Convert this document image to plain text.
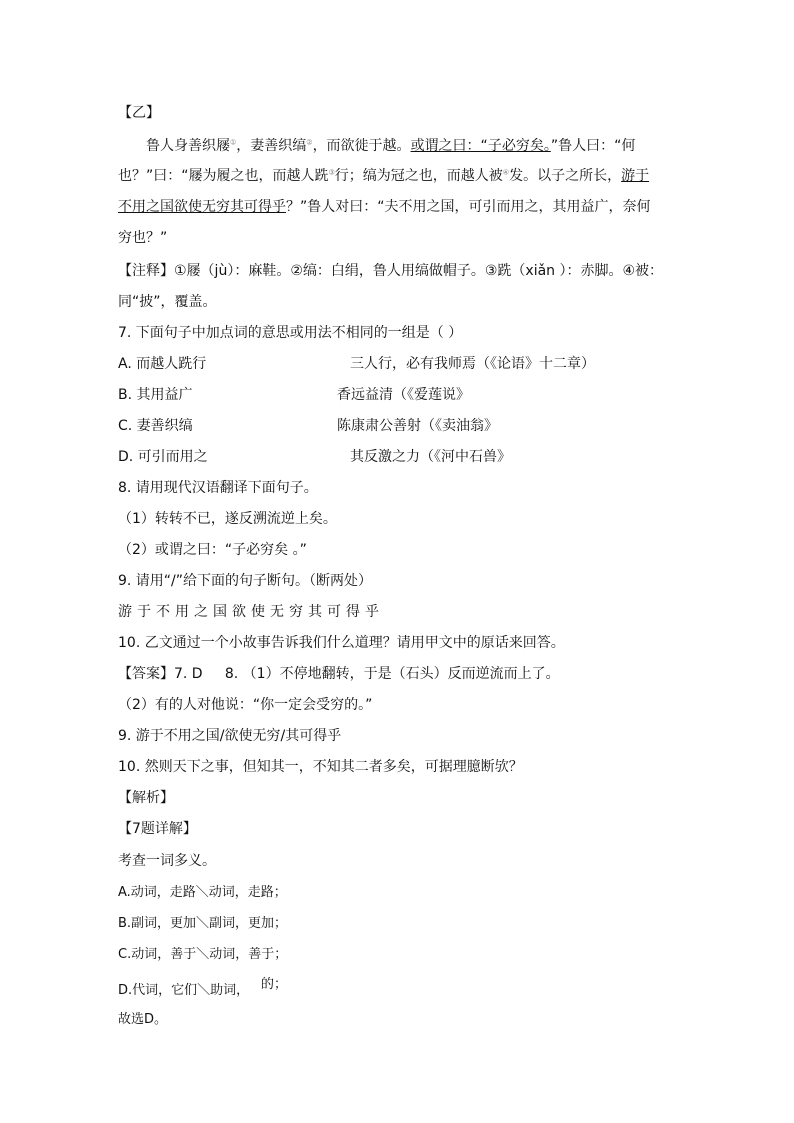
【乙】
鲁人身善织屦①，妻善织缟②，而欲徙于越。或谓之曰：“子必穷矣。”鲁人曰：“何
也？”曰：“屦为履之也，而越人跣③行；缟为冠之也，而越人被④发。以子之所长，游于
不用之国欲使无穷其可得乎？”鲁人对曰：“夫不用之国，可引而用之，其用益广，奈何
穷也？”
【注释】①屦（jù）：麻鞋。②缟：白绢，鲁人用缟做帽子。③跣（xiǎn ）：赤脚。④被：
同“披”，覆盖。
7. 下面句子中加点词的意思或用法不相同的一组是（ ）
A. 而越人跣行	三人行，必有我师焉（《论语》十二章）
B. 其用益广	香远益清（《爱莲说》
C. 妻善织缟	陈康肃公善射（《卖油翁》
D. 可引而用之	其反激之力（《河中石兽》
8. 请用现代汉语翻译下面句子。
（1）转转不已，遂反溯流逆上矣。
（2）或谓之曰：“子必穷矣 。”
9. 请用“/”给下面的句子断句。（断两处）
游于不用之国欲使无穷其可得乎
10. 乙文通过一个小故事告诉我们什么道理？请用甲文中的原话来回答。
【答案】7. D 8. （1）不停地翻转，于是（石头）反而逆流而上了。
（2）有的人对他说：“你一定会受穷的。”
9. 游于不用之国/欲使无穷/其可得乎
10. 然则天下之事，但知其一，不知其二者多矣，可据理臆断欤？
【解析】
【7题详解】
考查一词多义。
A.动词，走路＼动词，走路；
B.副词，更加＼副词，更加；
C.动词，善于＼动词，善于；
D.代词，它们＼助词， 的；
故选D。
